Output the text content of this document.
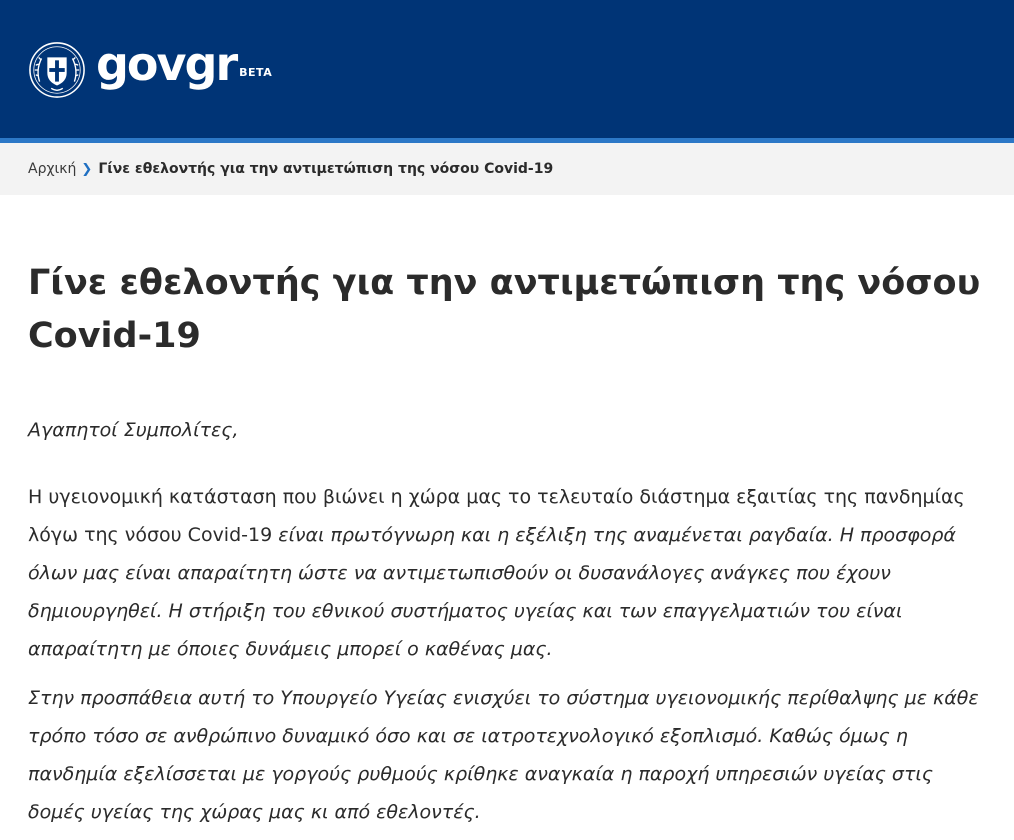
govgr BETA
Αρχική ❯ Γίνε εθελοντής για την αντιμετώπιση της νόσου Covid-19
Γίνε εθελοντής για την αντιμετώπιση της νόσου Covid-19

Αγαπητοί Συμπολίτες,

Η υγειονομική κατάσταση που βιώνει η χώρα μας το τελευταίο διάστημα εξαιτίας της πανδημίας λόγω της νόσου Covid-19 είναι πρωτόγνωρη και η εξέλιξη της αναμένεται ραγδαία. Η προσφορά όλων μας είναι απαραίτητη ώστε να αντιμετωπισθούν οι δυσανάλογες ανάγκες που έχουν δημιουργηθεί. Η στήριξη του εθνικού συστήματος υγείας και των επαγγελματιών του είναι απαραίτητη με όποιες δυνάμεις μπορεί ο καθένας μας.

Στην προσπάθεια αυτή το Υπουργείο Υγείας ενισχύει το σύστημα υγειονομικής περίθαλψης με κάθε τρόπο τόσο σε ανθρώπινο δυναμικό όσο και σε ιατροτεχνολογικό εξοπλισμό. Καθώς όμως η πανδημία εξελίσσεται με γοργούς ρυθμούς κρίθηκε αναγκαία η παροχή υπηρεσιών υγείας στις δομές υγείας της χώρας μας κι από εθελοντές.
